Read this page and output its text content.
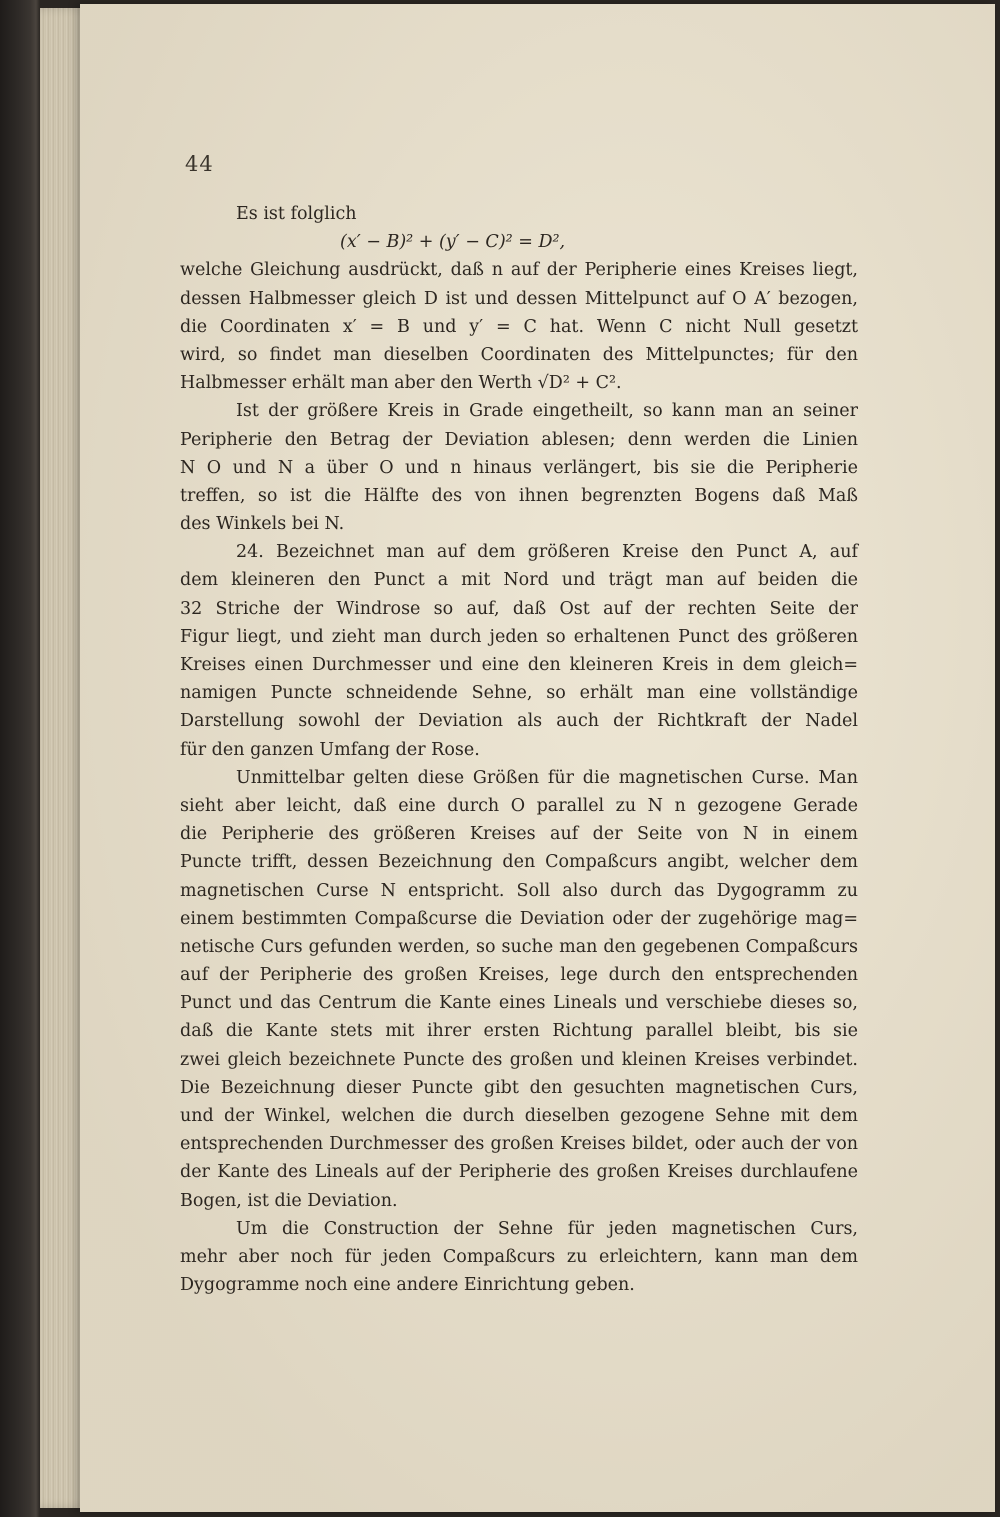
44
Es ist folglich
(x′ − B)² + (y′ − C)² = D²,
welche Gleichung ausdrückt, daß n auf der Peripherie eines Kreises liegt,
dessen Halbmesser gleich D ist und dessen Mittelpunct auf O A′ bezogen,
die Coordinaten x′ = B und y′ = C hat. Wenn C nicht Null gesetzt
wird, so findet man dieselben Coordinaten des Mittelpunctes; für den
Halbmesser erhält man aber den Werth √D² + C².
Ist der größere Kreis in Grade eingetheilt, so kann man an seiner
Peripherie den Betrag der Deviation ablesen; denn werden die Linien
N O und N a über O und n hinaus verlängert, bis sie die Peripherie
treffen, so ist die Hälfte des von ihnen begrenzten Bogens daß Maß
des Winkels bei N.
24. Bezeichnet man auf dem größeren Kreise den Punct A, auf
dem kleineren den Punct a mit Nord und trägt man auf beiden die
32 Striche der Windrose so auf, daß Ost auf der rechten Seite der
Figur liegt, und zieht man durch jeden so erhaltenen Punct des größeren
Kreises einen Durchmesser und eine den kleineren Kreis in dem gleich=
namigen Puncte schneidende Sehne, so erhält man eine vollständige
Darstellung sowohl der Deviation als auch der Richtkraft der Nadel
für den ganzen Umfang der Rose.
Unmittelbar gelten diese Größen für die magnetischen Curse. Man
sieht aber leicht, daß eine durch O parallel zu N n gezogene Gerade
die Peripherie des größeren Kreises auf der Seite von N in einem
Puncte trifft, dessen Bezeichnung den Compaßcurs angibt, welcher dem
magnetischen Curse N entspricht. Soll also durch das Dygogramm zu
einem bestimmten Compaßcurse die Deviation oder der zugehörige mag=
netische Curs gefunden werden, so suche man den gegebenen Compaßcurs
auf der Peripherie des großen Kreises, lege durch den entsprechenden
Punct und das Centrum die Kante eines Lineals und verschiebe dieses so,
daß die Kante stets mit ihrer ersten Richtung parallel bleibt, bis sie
zwei gleich bezeichnete Puncte des großen und kleinen Kreises verbindet.
Die Bezeichnung dieser Puncte gibt den gesuchten magnetischen Curs,
und der Winkel, welchen die durch dieselben gezogene Sehne mit dem
entsprechenden Durchmesser des großen Kreises bildet, oder auch der von
der Kante des Lineals auf der Peripherie des großen Kreises durchlaufene
Bogen, ist die Deviation.
Um die Construction der Sehne für jeden magnetischen Curs,
mehr aber noch für jeden Compaßcurs zu erleichtern, kann man dem
Dygogramme noch eine andere Einrichtung geben.
